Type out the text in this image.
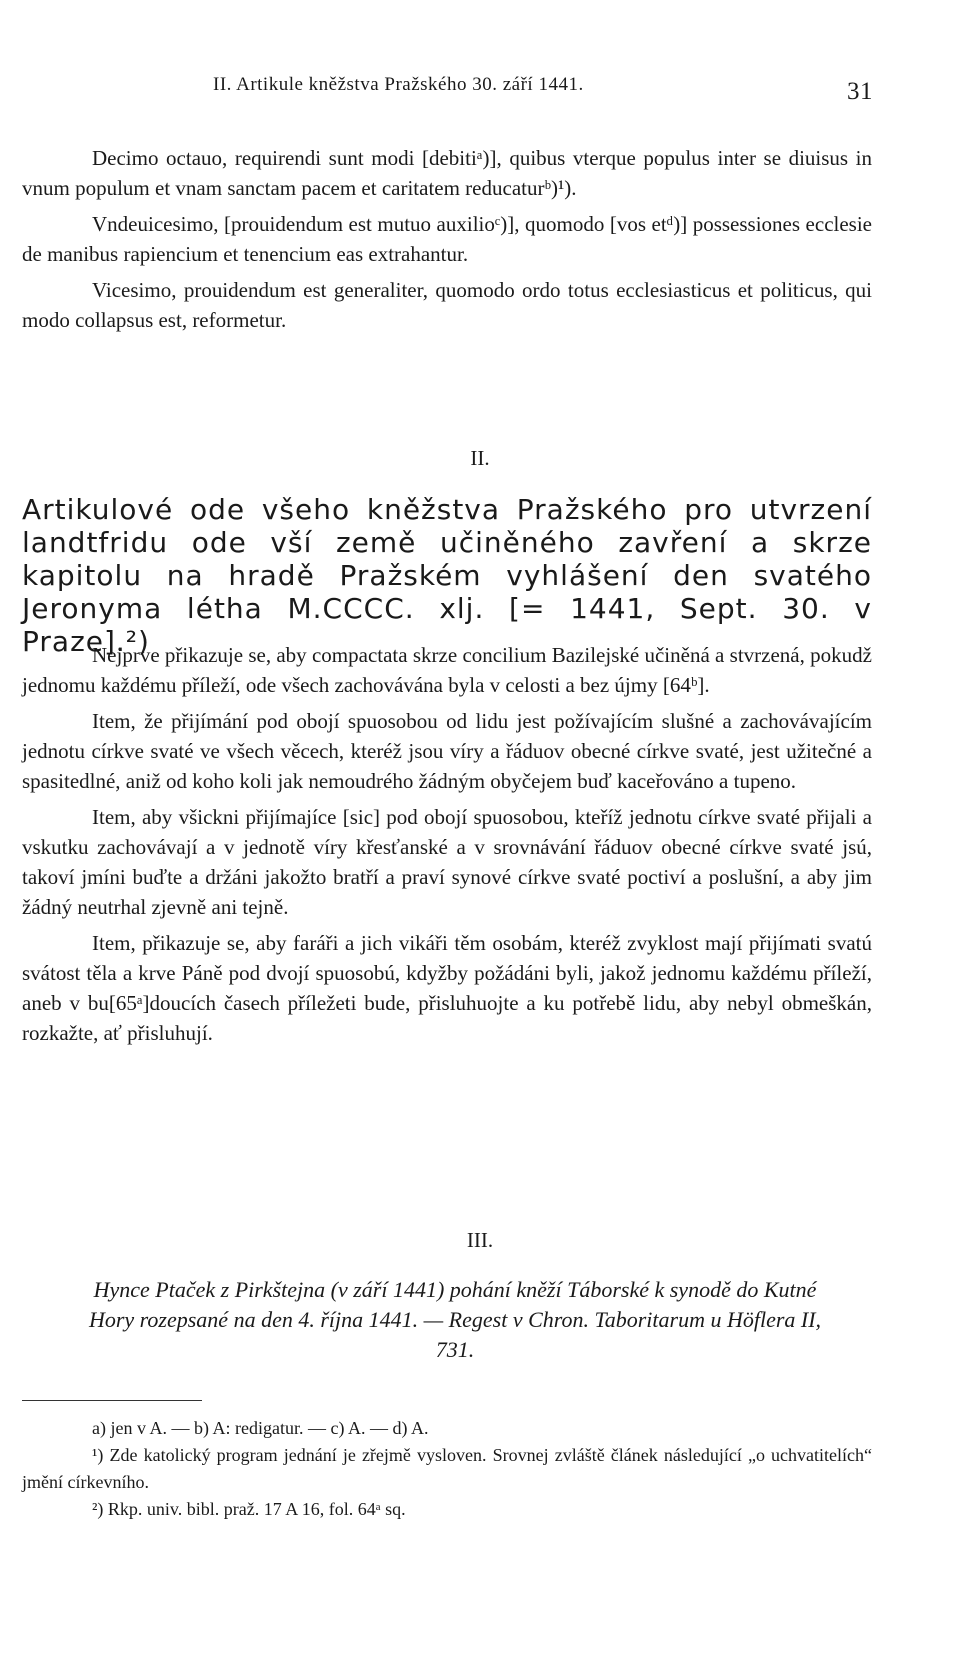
II. Artikule kněžstva Pražského 30. září 1441.	31

Decimo octauo, requirendi sunt modi [debitiᵃ)], quibus vterque populus inter se diuisus in vnum populum et vnam sanctam pacem et caritatem reducaturᵇ)¹).

Vndeuicesimo, [prouidendum est mutuo auxilioᶜ)], quomodo [vos etᵈ)] possessiones ecclesie de manibus rapiencium et tenencium eas extrahantur.

Vicesimo, prouidendum est generaliter, quomodo ordo totus ecclesiasticus et politicus, qui modo collapsus est, reformetur.

II.
Artikulové ode všeho kněžstva Pražského pro utvrzení landtfridu ode vší země učiněného zavření a skrze kapitolu na hradě Pražském vyhlášení den svatého Jeronyma létha M.CCCC. xlj. [= 1441, Sept. 30. v Praze].²)

Nejprve přikazuje se, aby compactata skrze concilium Bazilejské učiněná a stvrzená, pokudž jednomu každému příleží, ode všech zachovávána byla v celosti a bez újmy [64ᵇ].

Item, že přijímání pod obojí spuosobou od lidu jest požívajícím slušné a zachovávajícím jednotu církve svaté ve všech věcech, kteréž jsou víry a řáduov obecné církve svaté, jest užitečné a spasitedlné, aniž od koho koli jak nemoudrého žádným obyčejem buď kaceřováno a tupeno.

Item, aby všickni přijímajíce [sic] pod obojí spuosobou, kteříž jednotu církve svaté přijali a vskutku zachovávají a v jednotě víry křesťanské a v srovnávání řáduov obecné církve svaté jsú, takoví jmíni buďte a držáni jakožto bratří a praví synové církve svaté poctiví a poslušní, a aby jim žádný neutrhal zjevně ani tejně.

Item, přikazuje se, aby faráři a jich vikáři těm osobám, kteréž zvyklost mají přijímati svatú svátost těla a krve Páně pod dvojí spuosobú, kdyžby požádáni byli, jakož jednomu každému příleží, aneb v bu[65ᵃ]doucích časech příležeti bude, přisluhuojte a ku potřebě lidu, aby nebyl obmeškán, rozkažte, ať přisluhují.

III.
Hynce Ptaček z Pirkštejna (v září 1441) pohání kněží Táborské k synodě do Kutné Hory rozepsané na den 4. října 1441. — Regest v Chron. Taboritarum u Höflera II, 731.
a) jen v A. — b) A: redigatur. — c) A. — d) A.
¹) Zde katolický program jednání je zřejmě vysloven. Srovnej zvláště článek následující „o uchvatitelích“ jmění církevního.
²) Rkp. univ. bibl. praž. 17 A 16, fol. 64ᵃ sq.
